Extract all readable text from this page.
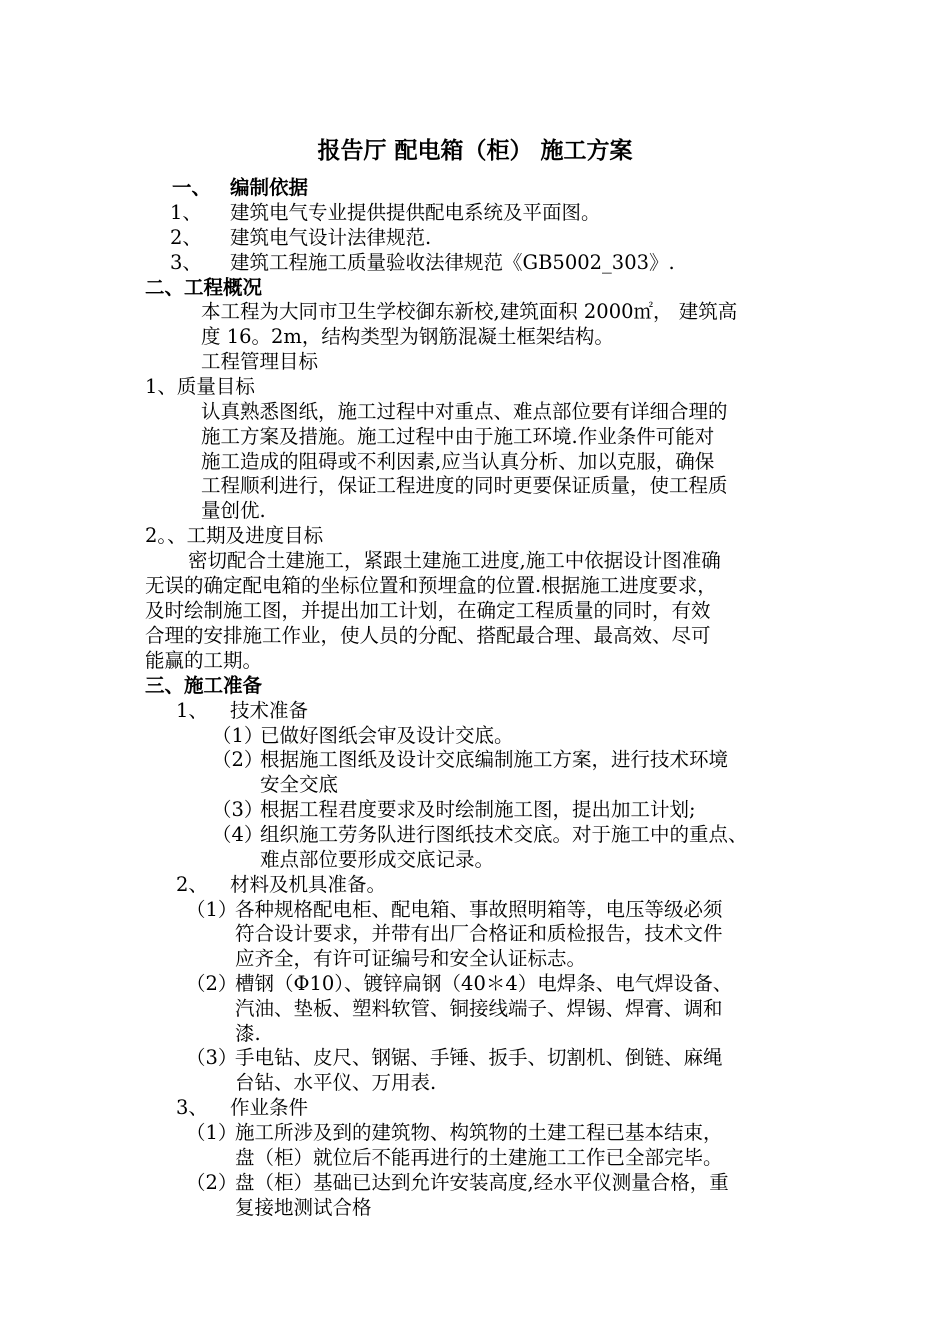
报告厅 配电箱（柜） 施工方案
一、 编制依据
1、 建筑电气专业提供提供配电系统及平面图。
2、 建筑电气设计法律规范.
3、 建筑工程施工质量验收法律规范《GB5002_303》.
二、工程概况
本工程为大同市卫生学校御东新校,建筑面积 2000㎡， 建筑高
度 16。2m，结构类型为钢筋混凝土框架结构。
工程管理目标
1、质量目标
认真熟悉图纸，施工过程中对重点、难点部位要有详细合理的
施工方案及措施。施工过程中由于施工环境.作业条件可能对
施工造成的阻碍或不利因素,应当认真分析、加以克服，确保
工程顺利进行，保证工程进度的同时更要保证质量，使工程质
量创优.
2。、工期及进度目标
密切配合土建施工，紧跟土建施工进度,施工中依据设计图准确
无误的确定配电箱的坐标位置和预埋盒的位置.根据施工进度要求，
及时绘制施工图，并提出加工计划，在确定工程质量的同时，有效
合理的安排施工作业，使人员的分配、搭配最合理、最高效、尽可
能赢的工期。
三、施工准备
1、 技术准备
（1）
已做好图纸会审及设计交底。
（2）
根据施工图纸及设计交底编制施工方案，进行技术环境
安全交底
（3）
根据工程君度要求及时绘制施工图，提出加工计划;
（4）
组织施工劳务队进行图纸技术交底。对于施工中的重点、
难点部位要形成交底记录。
2、 材料及机具准备。
（1）
各种规格配电柜、配电箱、事故照明箱等，电压等级必须
符合设计要求，并带有出厂合格证和质检报告，技术文件
应齐全，有许可证编号和安全认证标志。
（2）
槽钢（Φ10）、镀锌扁钢（40＊4）电焊条、电气焊设备、
汽油、垫板、塑料软管、铜接线端子、焊锡、焊膏、调和
漆.
（3）
手电钻、皮尺、钢锯、手锤、扳手、切割机、倒链、麻绳
台钻、水平仪、万用表.
3、 作业条件
（1）
施工所涉及到的建筑物、构筑物的土建工程已基本结束，
盘（柜）就位后不能再进行的土建施工工作已全部完毕。
（2）
盘（柜）基础已达到允许安装高度,经水平仪测量合格，重
复接地测试合格
